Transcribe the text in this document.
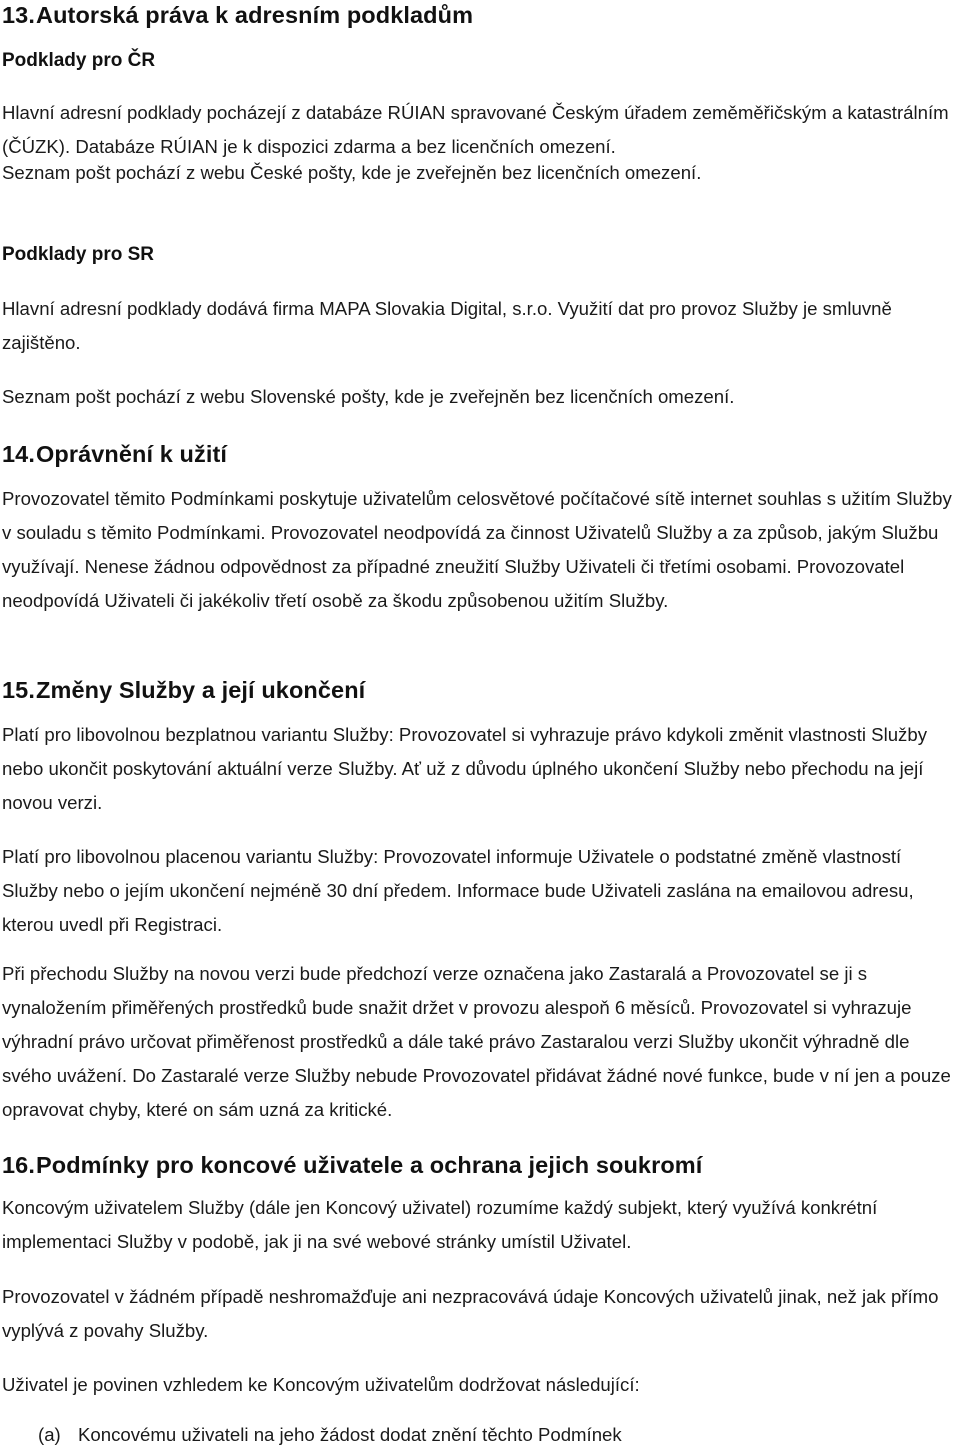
13.Autorská práva k adresním podkladům
Podklady pro ČR

Hlavní adresní podklady pocházejí z databáze RÚIAN spravované Českým úřadem zeměměřičským a katastrálním (ČÚZK). Databáze RÚIAN je k dispozici zdarma a bez licenčních omezení.

Seznam pošt pochází z webu České pošty, kde je zveřejněn bez licenčních omezení.

Podklady pro SR

Hlavní adresní podklady dodává firma MAPA Slovakia Digital, s.r.o. Využití dat pro provoz Služby je smluvně zajištěno.

Seznam pošt pochází z webu Slovenské pošty, kde je zveřejněn bez licenčních omezení.

14.Oprávnění k užití

Provozovatel těmito Podmínkami poskytuje uživatelům celosvětové počítačové sítě internet souhlas s užitím Služby v souladu s těmito Podmínkami. Provozovatel neodpovídá za činnost Uživatelů Služby a za způsob, jakým Službu využívají. Nenese žádnou odpovědnost za případné zneužití Služby Uživateli či třetími osobami. Provozovatel neodpovídá Uživateli či jakékoliv třetí osobě za škodu způsobenou užitím Služby.

15.Změny Služby a její ukončení

Platí pro libovolnou bezplatnou variantu Služby: Provozovatel si vyhrazuje právo kdykoli změnit vlastnosti Služby nebo ukončit poskytování aktuální verze Služby. Ať už z důvodu úplného ukončení Služby nebo přechodu na její novou verzi.

Platí pro libovolnou placenou variantu Služby: Provozovatel informuje Uživatele o podstatné změně vlastností Služby nebo o jejím ukončení nejméně 30 dní předem. Informace bude Uživateli zaslána na emailovou adresu, kterou uvedl při Registraci.

Při přechodu Služby na novou verzi bude předchozí verze označena jako Zastaralá a Provozovatel se ji s vynaložením přiměřených prostředků bude snažit držet v provozu alespoň 6 měsíců. Provozovatel si vyhrazuje výhradní právo určovat přiměřenost prostředků a dále také právo Zastaralou verzi Služby ukončit výhradně dle svého uvážení. Do Zastaralé verze Služby nebude Provozovatel přidávat žádné nové funkce, bude v ní jen a pouze opravovat chyby, které on sám uzná za kritické.

16.Podmínky pro koncové uživatele a ochrana jejich soukromí

Koncovým uživatelem Služby (dále jen Koncový uživatel) rozumíme každý subjekt, který využívá konkrétní implementaci Služby v podobě, jak ji na své webové stránky umístil Uživatel.

Provozovatel v žádném případě neshromažďuje ani nezpracovává údaje Koncových uživatelů jinak, než jak přímo vyplývá z povahy Služby.

Uživatel je povinen vzhledem ke Koncovým uživatelům dodržovat následující:

(a) Koncovému uživateli na jeho žádost dodat znění těchto Podmínek
